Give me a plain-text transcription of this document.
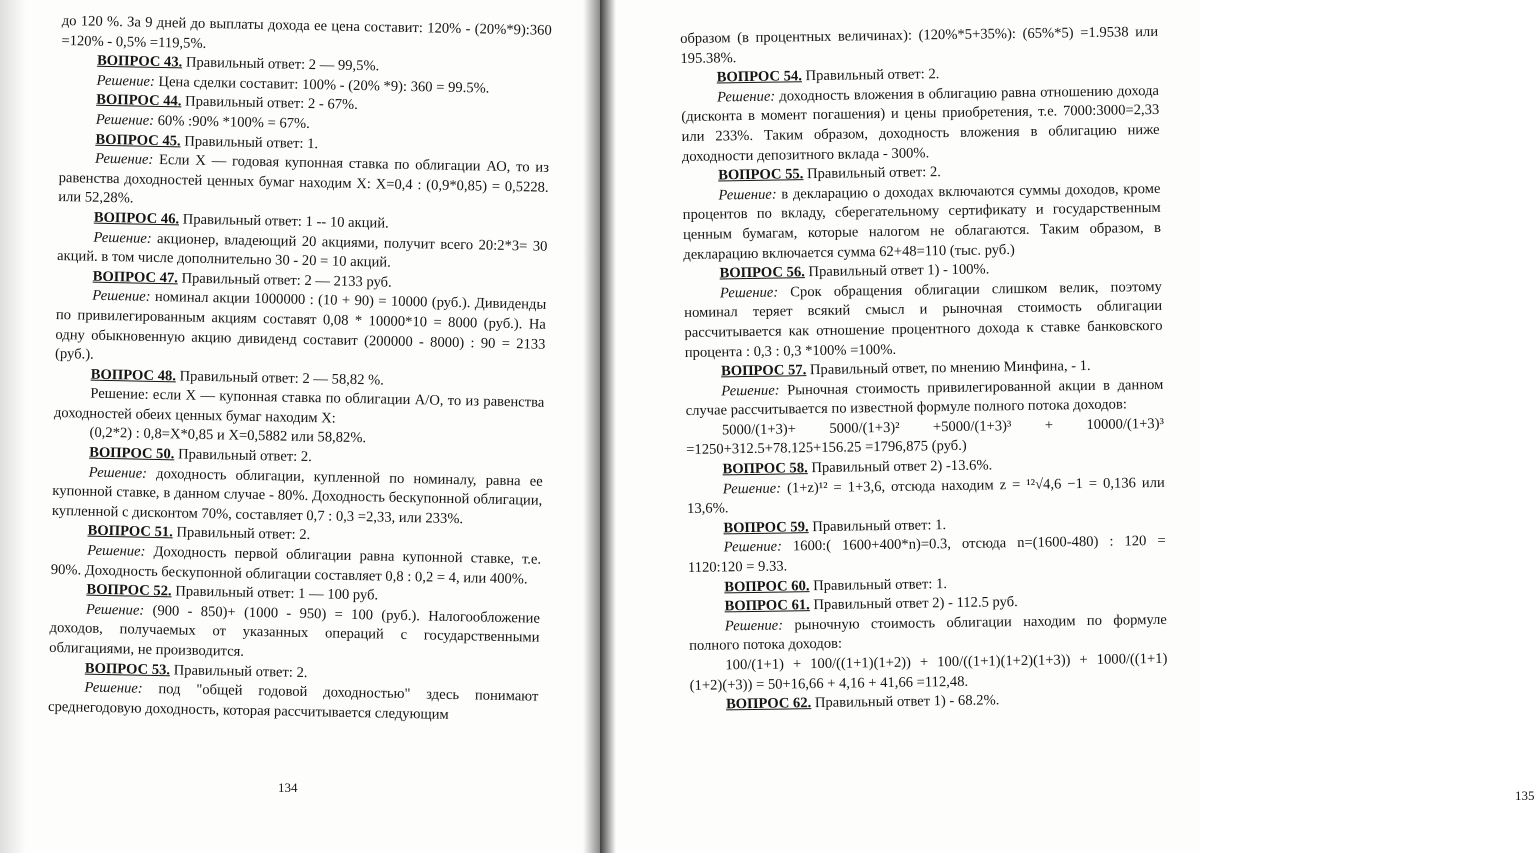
до 120 %. За 9 дней до выплаты дохода ее цена составит: 120% - (20%*9):360 =120% - 0,5% =119,5%.

ВОПРОС 43. Правильный ответ: 2 — 99,5%.

Решение: Цена сделки составит: 100% - (20% *9): 360 = 99.5%.

ВОПРОС 44. Правильный ответ: 2 - 67%.

Решение: 60% :90% *100% = 67%.

ВОПРОС 45. Правильный ответ: 1.

Решение: Если X — годовая купонная ставка по облигации АО, то из равенства доходностей ценных бумаг находим X: X=0,4 : (0,9*0,85) = 0,5228. или 52,28%.

ВОПРОС 46. Правильный ответ: 1 -- 10 акций.

Решение: акционер, владеющий 20 акциями, получит всего 20:2*3= 30 акций. в том числе дополнительно 30 - 20 = 10 акций.

ВОПРОС 47. Правильный ответ: 2 — 2133 руб.

Решение: номинал акции 1000000 : (10 + 90) = 10000 (руб.). Дивиденды по привилегированным акциям составят 0,08 * 10000*10 = 8000 (руб.). На одну обыкновенную акцию дивиденд составит (200000 - 8000) : 90 = 2133 (руб.).

ВОПРОС 48. Правильный ответ: 2 — 58,82 %.

Решение: если X — купонная ставка по облигации А/О, то из равенства доходностей обеих ценных бумаг находим X:

(0,2*2) : 0,8=X*0,85 и X=0,5882 или 58,82%.

ВОПРОС 50. Правильный ответ: 2.

Решение: доходность облигации, купленной по номиналу, равна ее купонной ставке, в данном случае - 80%. Доходность бескупонной облигации, купленной с дисконтом 70%, составляет 0,7 : 0,3 =2,33, или 233%.

ВОПРОС 51. Правильный ответ: 2.

Решение: Доходность первой облигации равна купонной ставке, т.е. 90%. Доходность бескупонной облигации составляет 0,8 : 0,2 = 4, или 400%.

ВОПРОС 52. Правильный ответ: 1 — 100 руб.

Решение: (900 - 850)+ (1000 - 950) = 100 (руб.). Налогообложение доходов, получаемых от указанных операций с государственными облигациями, не производится.

ВОПРОС 53. Правильный ответ: 2.

Решение: под "общей годовой доходностью" здесь понимают среднегодовую доходность, которая рассчитывается следующим

134

образом (в процентных величинах): (120%*5+35%): (65%*5) =1.9538 или 195.38%.

ВОПРОС 54. Правильный ответ: 2.

Решение: доходность вложения в облигацию равна отношению дохода (дисконта в момент погашения) и цены приобретения, т.е. 7000:3000=2,33 или 233%. Таким образом, доходность вложения в облигацию ниже доходности депозитного вклада - 300%.

ВОПРОС 55. Правильный ответ: 2.

Решение: в декларацию о доходах включаются суммы доходов, кроме процентов по вкладу, сберегательному сертификату и государственным ценным бумагам, которые налогом не облагаются. Таким образом, в декларацию включается сумма 62+48=110 (тыс. руб.)

ВОПРОС 56. Правильный ответ 1) - 100%.

Решение: Срок обращения облигации слишком велик, поэтому номинал теряет всякий смысл и рыночная стоимость облигации рассчитывается как отношение процентного дохода к ставке банковского процента : 0,3 : 0,3 *100% =100%.

ВОПРОС 57. Правильный ответ, по мнению Минфина, - 1.

Решение: Рыночная стоимость привилегированной акции в данном случае рассчитывается по известной формуле полного потока доходов:

5000/(1+3)+ 5000/(1+3)² +5000/(1+3)³ + 10000/(1+3)³ =1250+312.5+78.125+156.25 =1796,875 (руб.)

ВОПРОС 58. Правильный ответ 2) -13.6%.

Решение: (1+z)¹² = 1+3,6, отсюда находим z = ¹²√4,6 −1 = 0,136 или 13,6%.

ВОПРОС 59. Правильный ответ: 1.

Решение: 1600:( 1600+400*n)=0.3, отсюда n=(1600-480) : 120 = 1120:120 = 9.33.

ВОПРОС 60. Правильный ответ: 1.

ВОПРОС 61. Правильный ответ 2) - 112.5 руб.

Решение: рыночную стоимость облигации находим по формуле полного потока доходов:

100/(1+1) + 100/((1+1)(1+2)) + 100/((1+1)(1+2)(1+3)) + 1000/((1+1)(1+2)(+3)) = 50+16,66 + 4,16 + 41,66 =112,48.

ВОПРОС 62. Правильный ответ 1) - 68.2%.

135
